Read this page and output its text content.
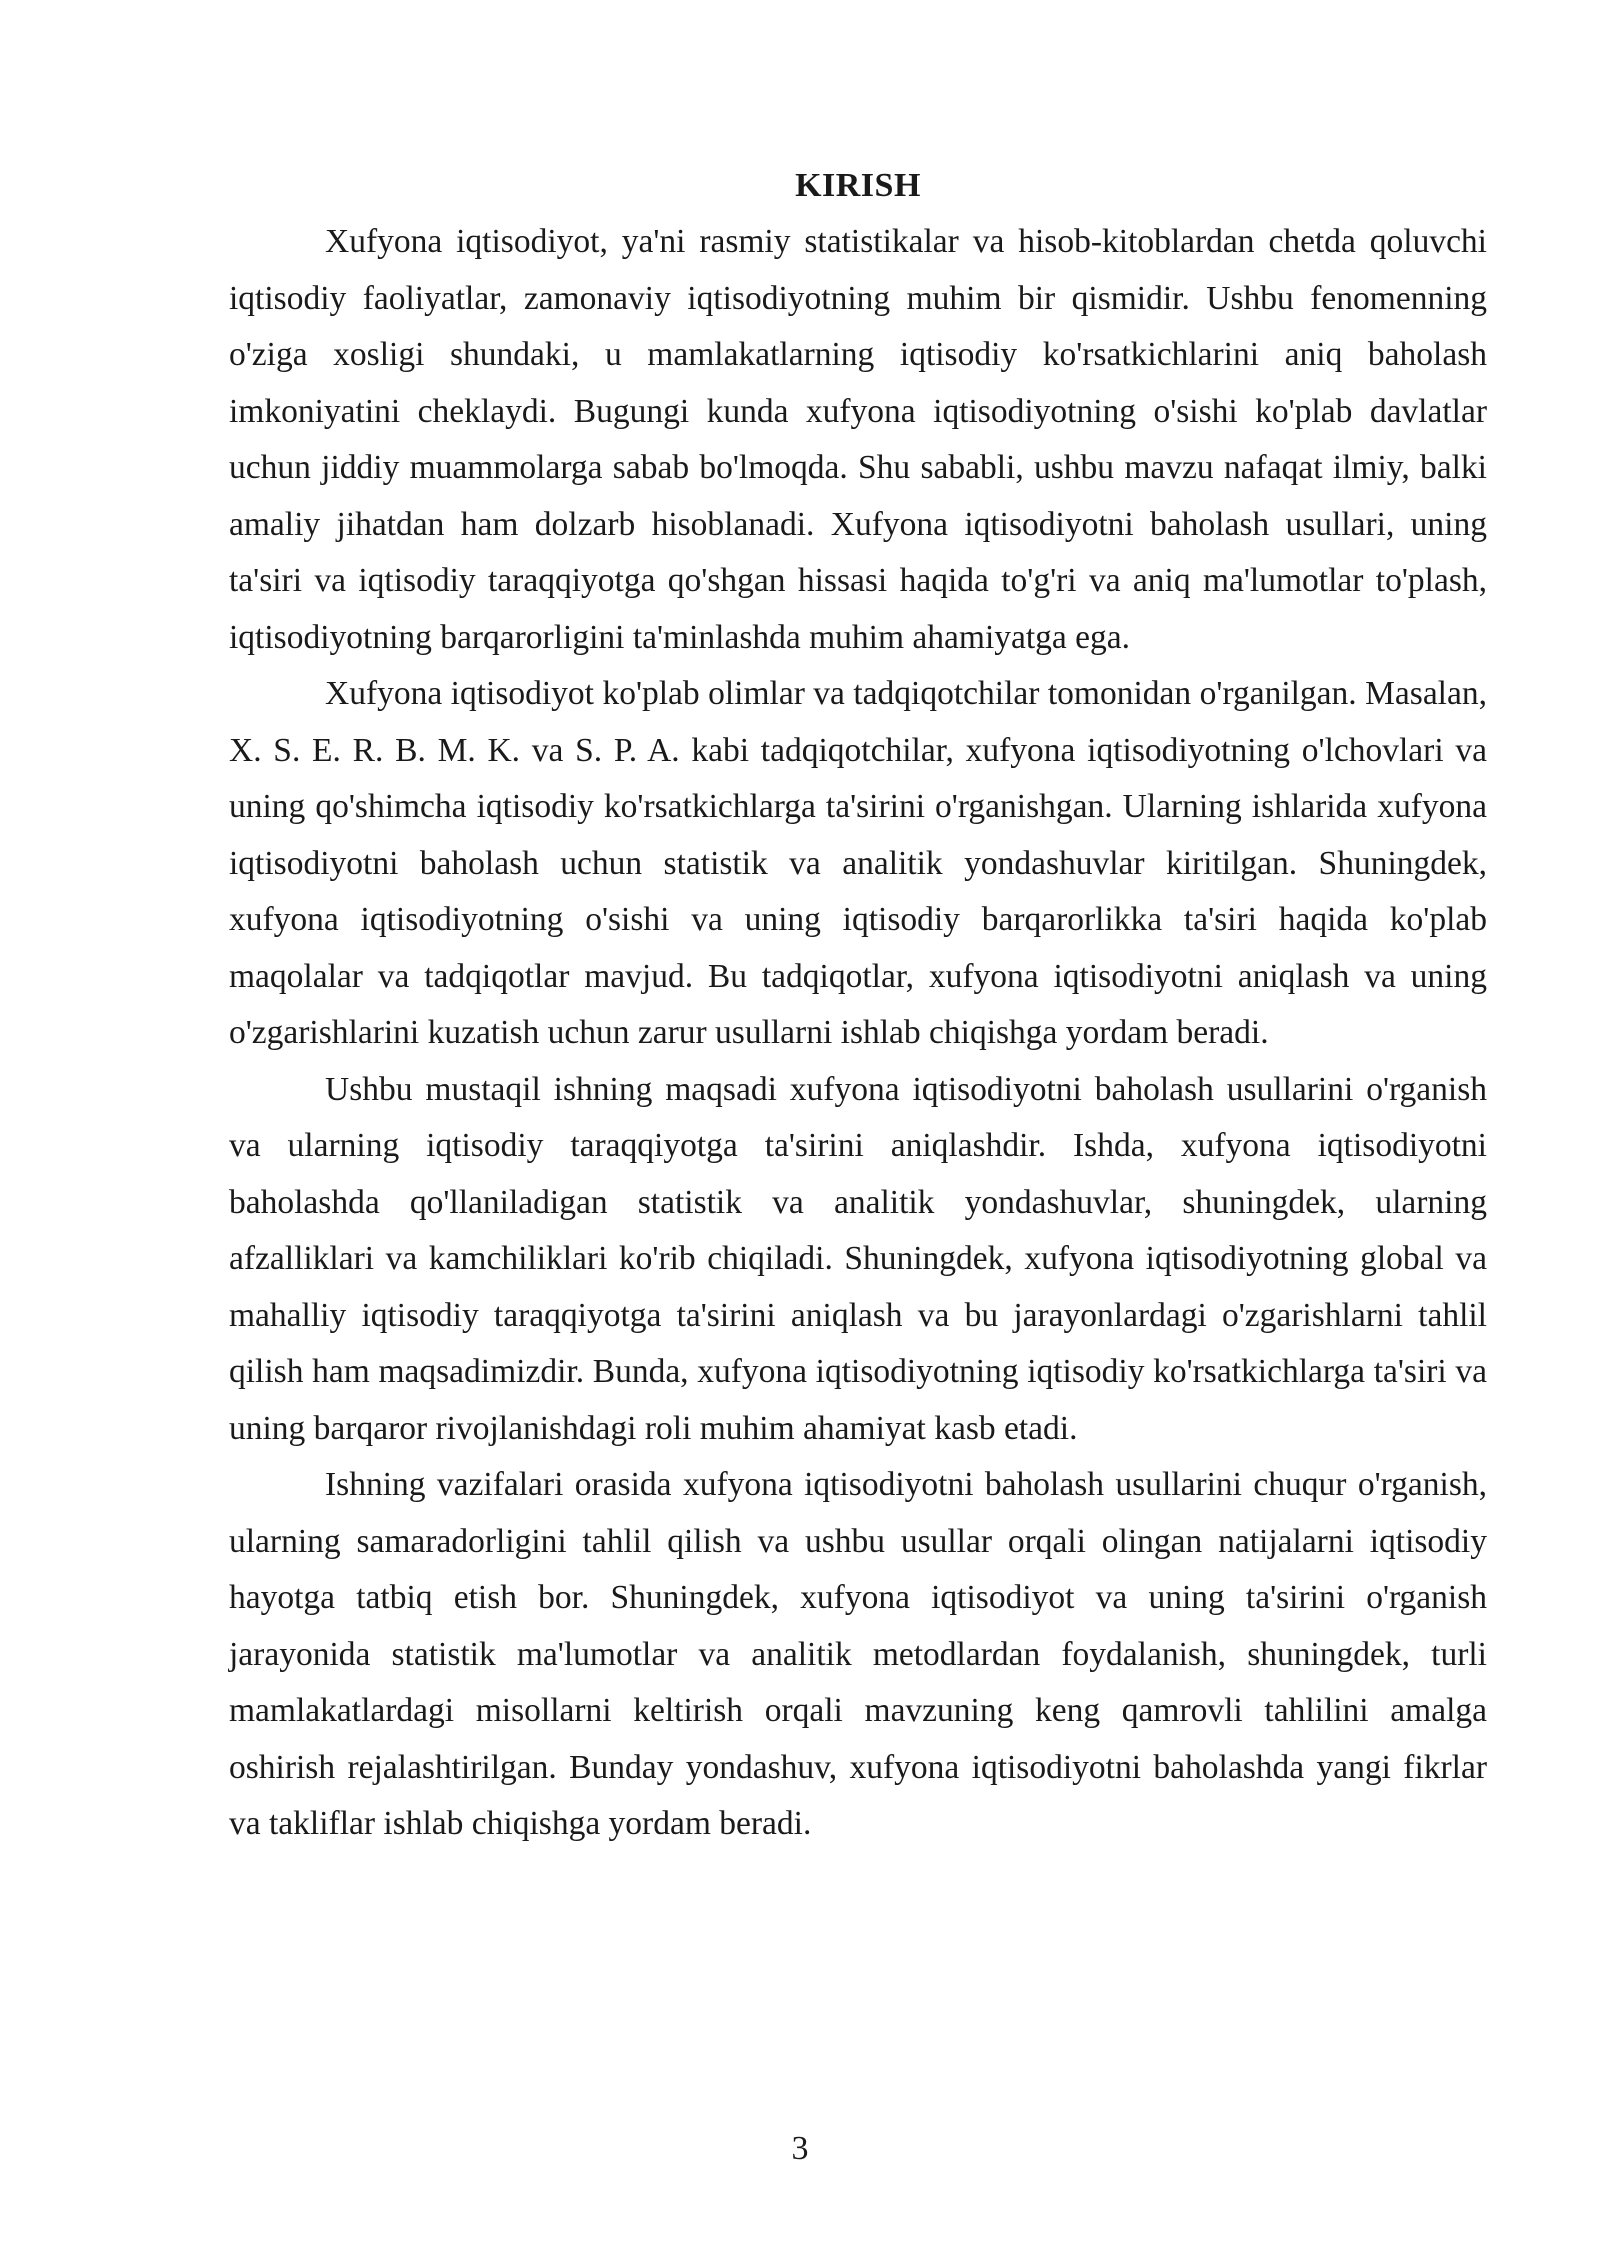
KIRISH

Xufyona iqtisodiyot, ya'ni rasmiy statistikalar va hisob-kitoblardan chetda qoluvchi iqtisodiy faoliyatlar, zamonaviy iqtisodiyotning muhim bir qismidir. Ushbu fenomenning o'ziga xosligi shundaki, u mamlakatlarning iqtisodiy ko'rsatkichlarini aniq baholash imkoniyatini cheklaydi. Bugungi kunda xufyona iqtisodiyotning o'sishi ko'plab davlatlar uchun jiddiy muammolarga sabab bo'lmoqda. Shu sababli, ushbu mavzu nafaqat ilmiy, balki amaliy jihatdan ham dolzarb hisoblanadi. Xufyona iqtisodiyotni baholash usullari, uning ta'siri va iqtisodiy taraqqiyotga qo'shgan hissasi haqida to'g'ri va aniq ma'lumotlar to'plash, iqtisodiyotning barqarorligini ta'minlashda muhim ahamiyatga ega.

Xufyona iqtisodiyot ko'plab olimlar va tadqiqotchilar tomonidan o'rganilgan. Masalan, X. S. E. R. B. M. K. va S. P. A. kabi tadqiqotchilar, xufyona iqtisodiyotning o'lchovlari va uning qo'shimcha iqtisodiy ko'rsatkichlarga ta'sirini o'rganishgan. Ularning ishlarida xufyona iqtisodiyotni baholash uchun statistik va analitik yondashuvlar kiritilgan. Shuningdek, xufyona iqtisodiyotning o'sishi va uning iqtisodiy barqarorlikka ta'siri haqida ko'plab maqolalar va tadqiqotlar mavjud. Bu tadqiqotlar, xufyona iqtisodiyotni aniqlash va uning o'zgarishlarini kuzatish uchun zarur usullarni ishlab chiqishga yordam beradi.

Ushbu mustaqil ishning maqsadi xufyona iqtisodiyotni baholash usullarini o'rganish va ularning iqtisodiy taraqqiyotga ta'sirini aniqlashdir. Ishda, xufyona iqtisodiyotni baholashda qo'llaniladigan statistik va analitik yondashuvlar, shuningdek, ularning afzalliklari va kamchiliklari ko'rib chiqiladi. Shuningdek, xufyona iqtisodiyotning global va mahalliy iqtisodiy taraqqiyotga ta'sirini aniqlash va bu jarayonlardagi o'zgarishlarni tahlil qilish ham maqsadimizdir. Bunda, xufyona iqtisodiyotning iqtisodiy ko'rsatkichlarga ta'siri va uning barqaror rivojlanishdagi roli muhim ahamiyat kasb etadi.

Ishning vazifalari orasida xufyona iqtisodiyotni baholash usullarini chuqur o'rganish, ularning samaradorligini tahlil qilish va ushbu usullar orqali olingan natijalarni iqtisodiy hayotga tatbiq etish bor. Shuningdek, xufyona iqtisodiyot va uning ta'sirini o'rganish jarayonida statistik ma'lumotlar va analitik metodlardan foydalanish, shuningdek, turli mamlakatlardagi misollarni keltirish orqali mavzuning keng qamrovli tahlilini amalga oshirish rejalashtirilgan. Bunday yondashuv, xufyona iqtisodiyotni baholashda yangi fikrlar va takliflar ishlab chiqishga yordam beradi.

3
